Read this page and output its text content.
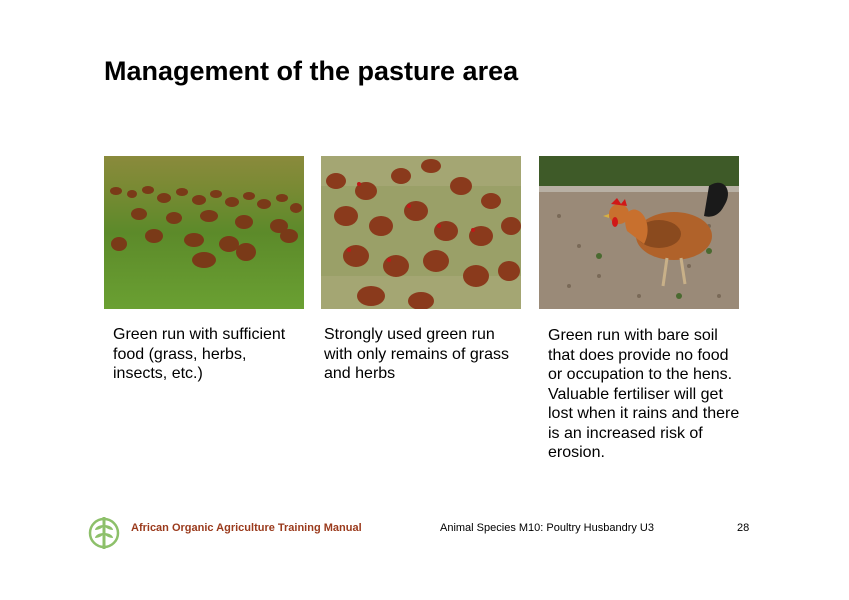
Management of the pasture area
Green run with sufficient food (grass, herbs, insects, etc.)
Strongly used green run with only remains of grass and herbs
Green run with bare soil that does provide no food or occupation to the hens. Valuable fertiliser will get lost when it rains and there is an increased risk of erosion.
African Organic Agriculture Training Manual	Animal Species M10: Poultry Husbandry U3	28
